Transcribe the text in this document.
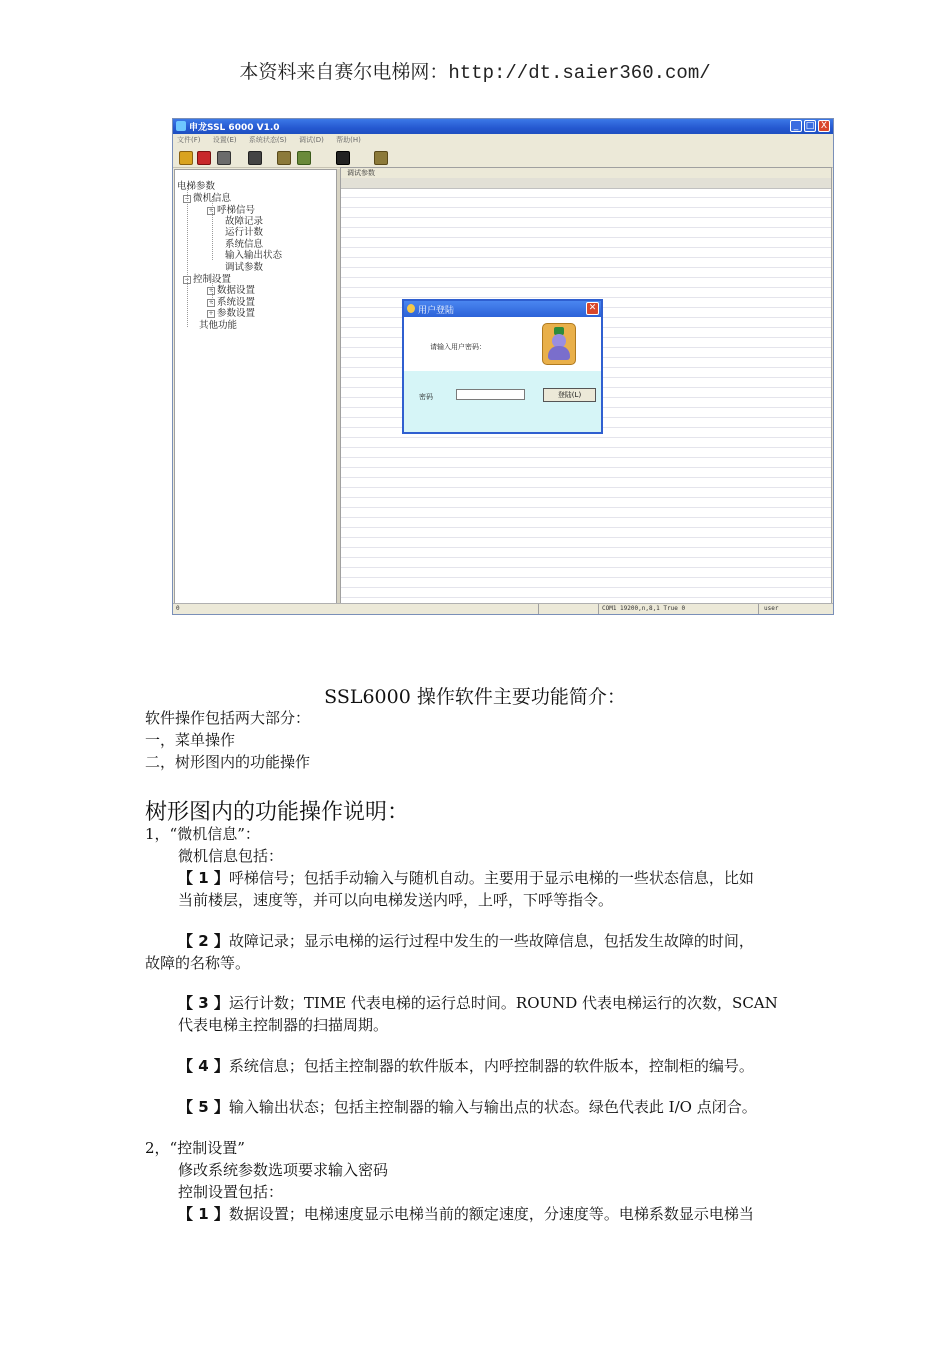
本资料来自赛尔电梯网：http://dt.saier360.com/
申龙SSL 6000 V1.0	_ □ X
文件(F) 设置(E) 系统状态(S) 调试(D) 帮助(H)
电梯参数
− 微机信息
+ 呼梯信号
故障记录
运行计数
系统信息
输入输出状态
调试参数
− 控制设置
+ 数据设置
+ 系统设置
+ 参数设置
其他功能
调试参数
用户登陆	✕
请输入用户密码：
密码	登陆(L)
0	COM1 19200,n,8,1 True 0	user
SSL6000 操作软件主要功能简介：
软件操作包括两大部分：
一，菜单操作
二，树形图内的功能操作
树形图内的功能操作说明：
1，“微机信息”：
微机信息包括：
【 1 】呼梯信号；包括手动输入与随机自动。主要用于显示电梯的一些状态信息，比如
当前楼层，速度等，并可以向电梯发送内呼，上呼，下呼等指令。
【 2 】故障记录；显示电梯的运行过程中发生的一些故障信息，包括发生故障的时间，
故障的名称等。
【 3 】运行计数；TIME 代表电梯的运行总时间。ROUND 代表电梯运行的次数，SCAN
代表电梯主控制器的扫描周期。
【 4 】系统信息；包括主控制器的软件版本，内呼控制器的软件版本，控制柜的编号。
【 5 】输入输出状态；包括主控制器的输入与输出点的状态。绿色代表此 I/O 点闭合。
2，“控制设置”
修改系统参数选项要求输入密码
控制设置包括：
【 1 】数据设置；电梯速度显示电梯当前的额定速度，分速度等。电梯系数显示电梯当
